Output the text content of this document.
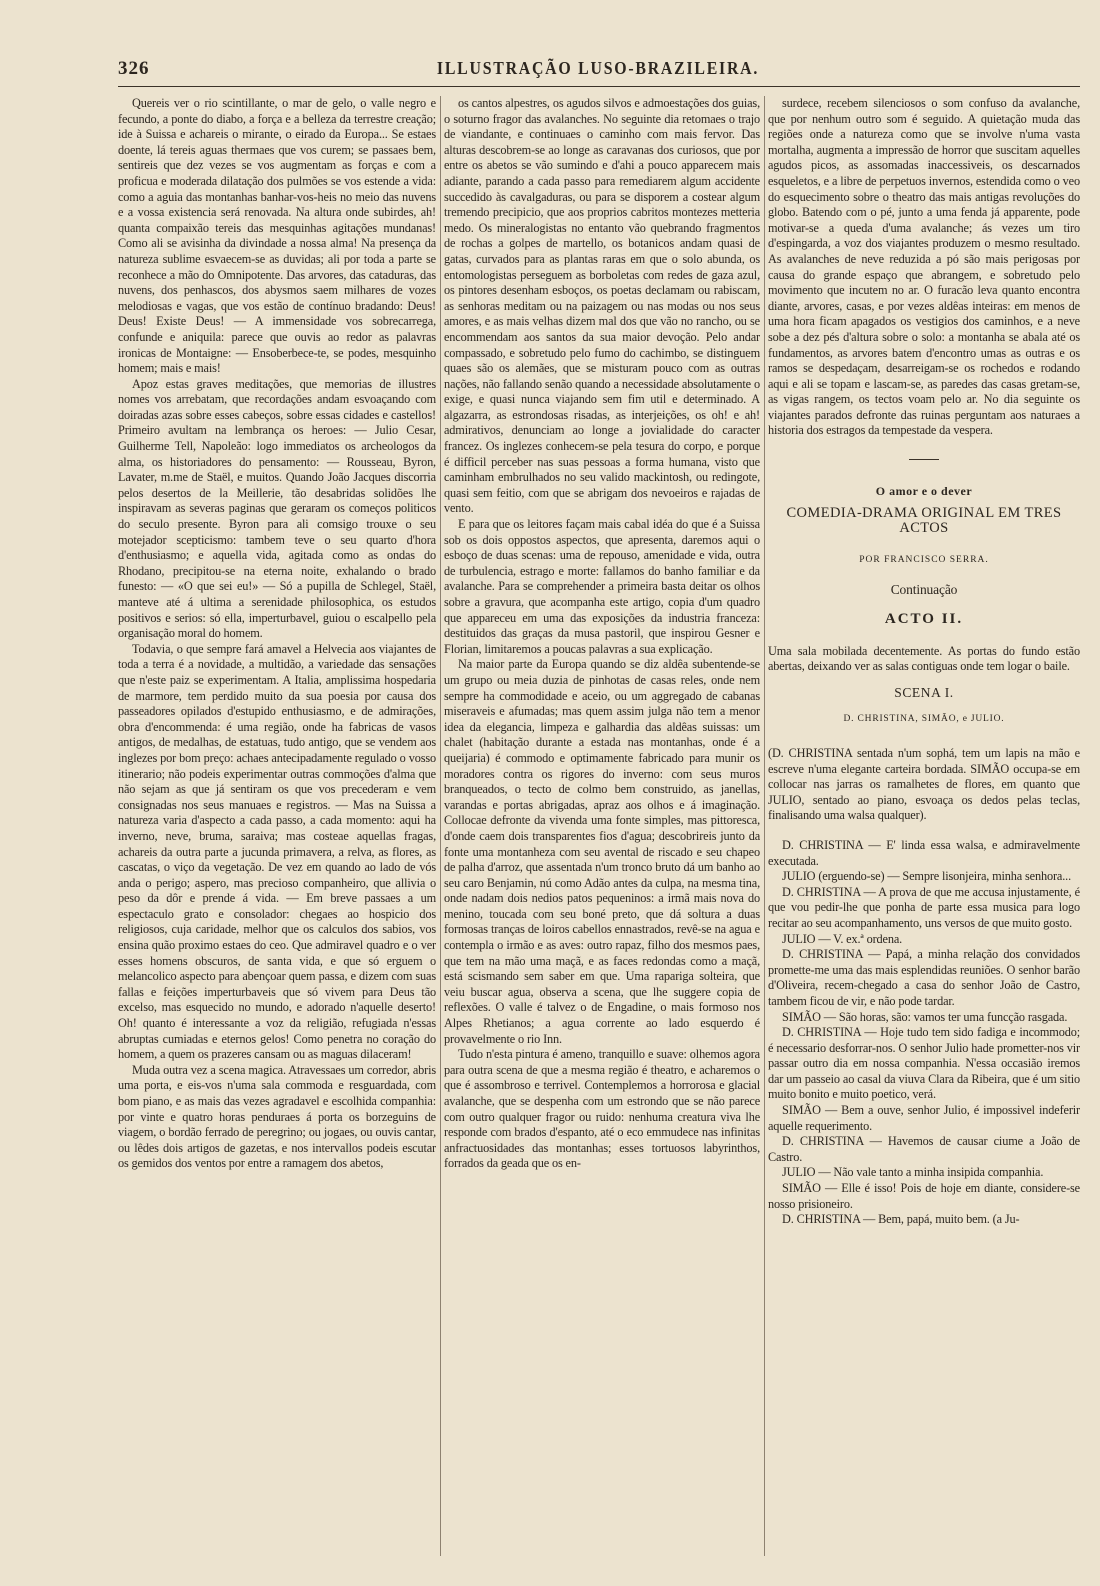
326	ILLUSTRAÇÃO LUSO-BRAZILEIRA.

Quereis ver o rio scintillante, o mar de gelo, o valle negro e fecundo, a ponte do diabo, a força e a belleza da terrestre creação; ide à Suissa e achareis o mirante, o eirado da Europa... Se estaes doente, lá tereis aguas thermaes que vos curem; se passaes bem, sentireis que dez vezes se vos augmentam as forças e com a proficua e moderada dilatação dos pulmões se vos estende a vida: como a aguia das montanhas banhar-vos-heis no meio das nuvens e a vossa existencia será renovada. Na altura onde subirdes, ah! quanta compaixão tereis das mesquinhas agitações mundanas! Como ali se avisinha da divindade a nossa alma! Na presença da natureza sublime esvaecem-se as duvidas; ali por toda a parte se reconhece a mão do Omnipotente. Das arvores, das cataduras, das nuvens, dos penhascos, dos abysmos saem milhares de vozes melodiosas e vagas, que vos estão de contínuo bradando: Deus! Deus! Existe Deus! — A immensidade vos sobrecarrega, confunde e aniquila: parece que ouvis ao redor as palavras ironicas de Montaigne: — Ensoberbece-te, se podes, mesquinho homem; mais e mais!

Apoz estas graves meditações, que memorias de illustres nomes vos arrebatam, que recordações andam esvoaçando com doiradas azas sobre esses cabeços, sobre essas cidades e castellos! Primeiro avultam na lembrança os heroes: — Julio Cesar, Guilherme Tell, Napoleão: logo immediatos os archeologos da alma, os historiadores do pensamento: — Rousseau, Byron, Lavater, m.me de Staël, e muitos. Quando João Jacques discorria pelos desertos de la Meillerie, tão desabridas solidões lhe inspiravam as severas paginas que geraram os começos politicos do seculo presente. Byron para ali comsigo trouxe o seu motejador scepticismo: tambem teve o seu quarto d'hora d'enthusiasmo; e aquella vida, agitada como as ondas do Rhodano, precipitou-se na eterna noite, exhalando o brado funesto: — «O que sei eu!» — Só a pupilla de Schlegel, Staël, manteve até á ultima a serenidade philosophica, os estudos positivos e serios: só ella, imperturbavel, guiou o escalpello pela organisação moral do homem.

Todavia, o que sempre fará amavel a Helvecia aos viajantes de toda a terra é a novidade, a multidão, a variedade das sensações que n'este paiz se experimentam. A Italia, amplissima hospedaria de marmore, tem perdido muito da sua poesia por causa dos passeadores opilados d'estupido enthusiasmo, e de admirações, obra d'encommenda: é uma região, onde ha fabricas de vasos antigos, de medalhas, de estatuas, tudo antigo, que se vendem aos inglezes por bom preço: achaes antecipadamente regulado o vosso itinerario; não podeis experimentar outras commoções d'alma que não sejam as que já sentiram os que vos precederam e vem consignadas nos seus manuaes e registros. — Mas na Suissa a natureza varia d'aspecto a cada passo, a cada momento: aqui ha inverno, neve, bruma, saraiva; mas costeae aquellas fragas, achareis da outra parte a jucunda primavera, a relva, as flores, as cascatas, o viço da vegetação. De vez em quando ao lado de vós anda o perigo; aspero, mas precioso companheiro, que allivia o peso da dôr e prende á vida. — Em breve passaes a um espectaculo grato e consolador: chegaes ao hospicio dos religiosos, cuja caridade, melhor que os calculos dos sabios, vos ensina quão proximo estaes do ceo. Que admiravel quadro e o ver esses homens obscuros, de santa vida, e que só erguem o melancolico aspecto para abençoar quem passa, e dizem com suas fallas e feições imperturbaveis que só vivem para Deus tão excelso, mas esquecido no mundo, e adorado n'aquelle deserto! Oh! quanto é interessante a voz da religião, refugiada n'essas abruptas cumiadas e eternos gelos! Como penetra no coração do homem, a quem os prazeres cansam ou as maguas dilaceram!

Muda outra vez a scena magica. Atravessaes um corredor, abris uma porta, e eis-vos n'uma sala commoda e resguardada, com bom piano, e as mais das vezes agradavel e escolhida companhia: por vinte e quatro horas penduraes á porta os borzeguins de viagem, o bordão ferrado de peregrino; ou jogaes, ou ouvis cantar, ou lêdes dois artigos de gazetas, e nos intervallos podeis escutar os gemidos dos ventos por entre a ramagem dos abetos,

os cantos alpestres, os agudos silvos e admoestações dos guias, o soturno fragor das avalanches. No seguinte dia retomaes o trajo de viandante, e continuaes o caminho com mais fervor. Das alturas descobrem-se ao longe as caravanas dos curiosos, que por entre os abetos se vão sumindo e d'ahi a pouco apparecem mais adiante, parando a cada passo para remediarem algum accidente succedido às cavalgaduras, ou para se disporem a costear algum tremendo precipicio, que aos proprios cabritos montezes metteria medo. Os mineralogistas no entanto vão quebrando fragmentos de rochas a golpes de martello, os botanicos andam quasi de gatas, curvados para as plantas raras em que o solo abunda, os entomologistas perseguem as borboletas com redes de gaza azul, os pintores desenham esboços, os poetas declamam ou rabiscam, as senhoras meditam ou na paizagem ou nas modas ou nos seus amores, e as mais velhas dizem mal dos que vão no rancho, ou se encommendam aos santos da sua maior devoção. Pelo andar compassado, e sobretudo pelo fumo do cachimbo, se distinguem quaes são os alemães, que se misturam pouco com as outras nações, não fallando senão quando a necessidade absolutamente o exige, e quasi nunca viajando sem fim util e determinado. A algazarra, as estrondosas risadas, as interjeições, os oh! e ah! admirativos, denunciam ao longe a jovialidade do caracter francez. Os inglezes conhecem-se pela tesura do corpo, e porque é difficil perceber nas suas pessoas a forma humana, visto que caminham embrulhados no seu valido mackintosh, ou redingote, quasi sem feitio, com que se abrigam dos nevoeiros e rajadas de vento.

E para que os leitores façam mais cabal idéa do que é a Suissa sob os dois oppostos aspectos, que apresenta, daremos aqui o esboço de duas scenas: uma de repouso, amenidade e vida, outra de turbulencia, estrago e morte: fallamos do banho familiar e da avalanche. Para se comprehender a primeira basta deitar os olhos sobre a gravura, que acompanha este artigo, copia d'um quadro que appareceu em uma das exposições da industria franceza: destituidos das graças da musa pastoril, que inspirou Gesner e Florian, limitaremos a poucas palavras a sua explicação.

Na maior parte da Europa quando se diz aldêa subentende-se um grupo ou meia duzia de pinhotas de casas reles, onde nem sempre ha commodidade e aceio, ou um aggregado de cabanas miseraveis e afumadas; mas quem assim julga não tem a menor idea da elegancia, limpeza e galhardia das aldêas suissas: um chalet (habitação durante a estada nas montanhas, onde é a queijaria) é commodo e optimamente fabricado para munir os moradores contra os rigores do inverno: com seus muros branqueados, o tecto de colmo bem construido, as janellas, varandas e portas abrigadas, apraz aos olhos e á imaginação. Collocae defronte da vivenda uma fonte simples, mas pittoresca, d'onde caem dois transparentes fios d'agua; descobrireis junto da fonte uma montanheza com seu avental de riscado e seu chapeo de palha d'arroz, que assentada n'um tronco bruto dá um banho ao seu caro Benjamin, nú como Adão antes da culpa, na mesma tina, onde nadam dois nedios patos pequeninos: a irmã mais nova do menino, toucada com seu boné preto, que dá soltura a duas formosas tranças de loiros cabellos ennastrados, revê-se na agua e contempla o irmão e as aves: outro rapaz, filho dos mesmos paes, que tem na mão uma maçã, e as faces redondas como a maçã, está scismando sem saber em que. Uma rapariga solteira, que veiu buscar agua, observa a scena, que lhe suggere copia de reflexões. O valle é talvez o de Engadine, o mais formoso nos Alpes Rhetianos; a agua corrente ao lado esquerdo é provavelmente o rio Inn.

Tudo n'esta pintura é ameno, tranquillo e suave: olhemos agora para outra scena de que a mesma região é theatro, e acharemos o que é assombroso e terrivel. Contemplemos a horrorosa e glacial avalanche, que se despenha com um estrondo que se não parece com outro qualquer fragor ou ruido: nenhuma creatura viva lhe responde com brados d'espanto, até o eco emmudece nas infinitas anfractuosidades das montanhas; esses tortuosos labyrinthos, forrados da geada que os en-

surdece, recebem silenciosos o som confuso da avalanche, que por nenhum outro som é seguido. A quietação muda das regiões onde a natureza como que se involve n'uma vasta mortalha, augmenta a impressão de horror que suscitam aquelles agudos picos, as assomadas inaccessiveis, os descarnados esqueletos, e a libre de perpetuos invernos, estendida como o veo do esquecimento sobre o theatro das mais antigas revoluções do globo. Batendo com o pé, junto a uma fenda já apparente, pode motivar-se a queda d'uma avalanche; ás vezes um tiro d'espingarda, a voz dos viajantes produzem o mesmo resultado. As avalanches de neve reduzida a pó são mais perigosas por causa do grande espaço que abrangem, e sobretudo pelo movimento que incutem no ar. O furacão leva quanto encontra diante, arvores, casas, e por vezes aldêas inteiras: em menos de uma hora ficam apagados os vestigios dos caminhos, e a neve sobe a dez pés d'altura sobre o solo: a montanha se abala até os fundamentos, as arvores batem d'encontro umas as outras e os ramos se despedaçam, desarreigam-se os rochedos e rodando aqui e ali se topam e lascam-se, as paredes das casas gretam-se, as vigas rangem, os tectos voam pelo ar. No dia seguinte os viajantes parados defronte das ruinas perguntam aos naturaes a historia dos estragos da tempestade da vespera.

O amor e o dever

COMEDIA-DRAMA ORIGINAL EM TRES ACTOS

POR FRANCISCO SERRA.

Continuação

ACTO II.

Uma sala mobilada decentemente. As portas do fundo estão abertas, deixando ver as salas contiguas onde tem logar o baile.

SCENA I.

D. CHRISTINA, SIMÃO, e JULIO.

(D. CHRISTINA sentada n'um sophá, tem um lapis na mão e escreve n'uma elegante carteira bordada. SIMÃO occupa-se em collocar nas jarras os ramalhetes de flores, em quanto que JULIO, sentado ao piano, esvoaça os dedos pelas teclas, finalisando uma walsa qualquer).

D. CHRISTINA — E' linda essa walsa, e admiravelmente executada.

JULIO (erguendo-se) — Sempre lisonjeira, minha senhora...

D. CHRISTINA — A prova de que me accusa injustamente, é que vou pedir-lhe que ponha de parte essa musica para logo recitar ao seu acompanhamento, uns versos de que muito gosto.

JULIO — V. ex.ª ordena.

D. CHRISTINA — Papá, a minha relação dos convidados promette-me uma das mais esplendidas reuniões. O senhor barão d'Oliveira, recem-chegado a casa do senhor João de Castro, tambem ficou de vir, e não pode tardar.

SIMÃO — São horas, são: vamos ter uma funcção rasgada.

D. CHRISTINA — Hoje tudo tem sido fadiga e incommodo; é necessario desforrar-nos. O senhor Julio hade prometter-nos vir passar outro dia em nossa companhia. N'essa occasião iremos dar um passeio ao casal da viuva Clara da Ribeira, que é um sitio muito bonito e muito poetico, verá.

SIMÃO — Bem a ouve, senhor Julio, é impossivel indeferir aquelle requerimento.

D. CHRISTINA — Havemos de causar ciume a João de Castro.

JULIO — Não vale tanto a minha insipida companhia.

SIMÃO — Elle é isso! Pois de hoje em diante, considere-se nosso prisioneiro.

D. CHRISTINA — Bem, papá, muito bem. (a Ju-
